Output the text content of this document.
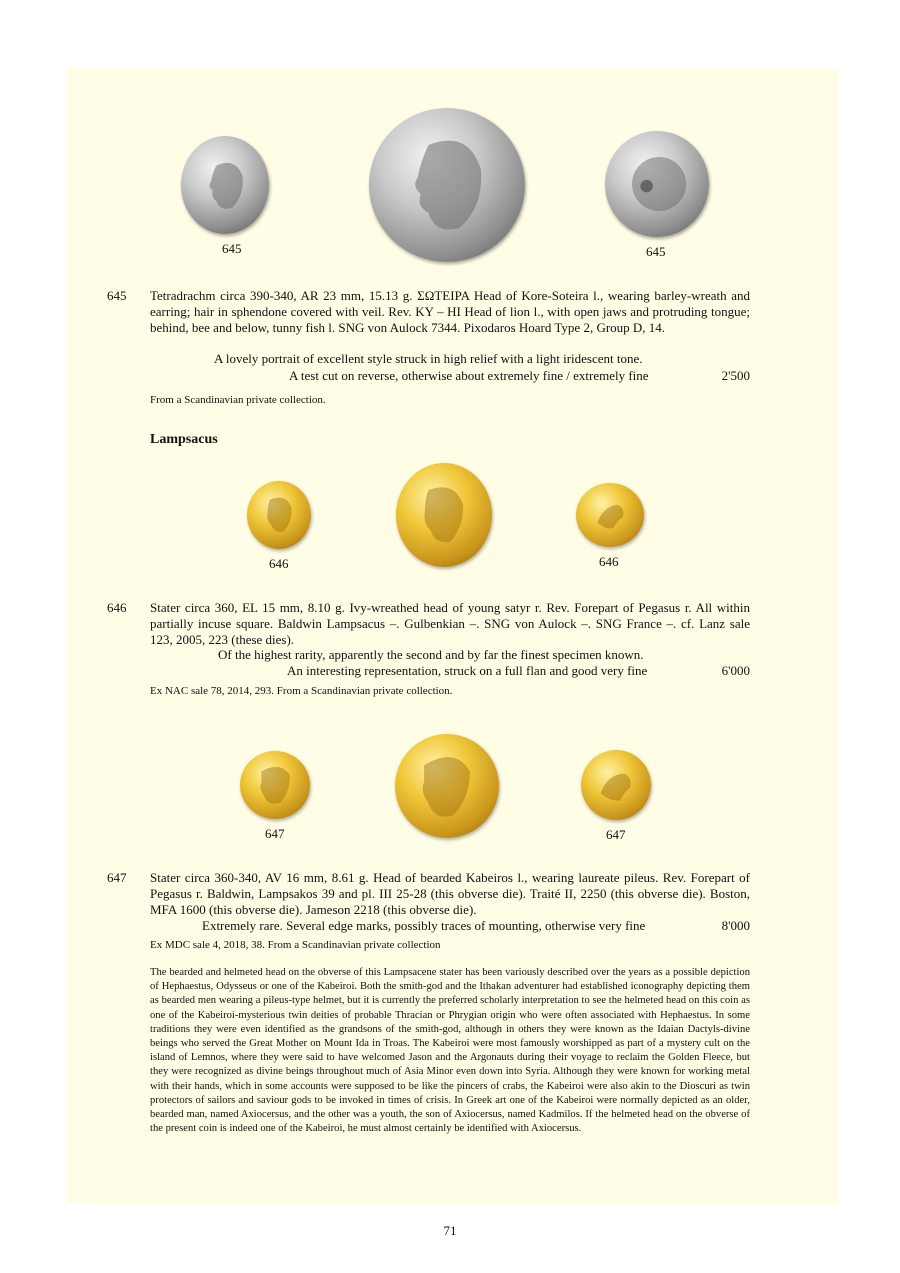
645	645
645 Tetradrachm circa 390-340, AR 23 mm, 15.13 g. ΣΩΤΕΙΡΑ Head of Kore-Soteira l., wearing barley-wreath and earring; hair in sphendone covered with veil. Rev. ΚΥ – ΗΙ Head of lion l., with open jaws and protruding tongue; behind, bee and below, tunny fish l. SNG von Aulock 7344. Pixodaros Hoard Type 2, Group D, 14.
A lovely portrait of excellent style struck in high relief with a light iridescent tone.
A test cut on reverse, otherwise about extremely fine / extremely fine	2'500
From a Scandinavian private collection.
Lampsacus
646	646
646 Stater circa 360, EL 15 mm, 8.10 g. Ivy-wreathed head of young satyr r. Rev. Forepart of Pegasus r. All within partially incuse square. Baldwin Lampsacus –. Gulbenkian –. SNG von Aulock –. SNG France –. cf. Lanz sale 123, 2005, 223 (these dies).
Of the highest rarity, apparently the second and by far the finest specimen known.
An interesting representation, struck on a full flan and good very fine	6'000
Ex NAC sale 78, 2014, 293. From a Scandinavian private collection.
647	647
647 Stater circa 360-340, AV 16 mm, 8.61 g. Head of bearded Kabeiros l., wearing laureate pileus. Rev. Forepart of Pegasus r. Baldwin, Lampsakos 39 and pl. III 25-28 (this obverse die). Traité II, 2250 (this obverse die). Boston, MFA 1600 (this obverse die). Jameson 2218 (this obverse die).
Extremely rare. Several edge marks, possibly traces of mounting, otherwise very fine	8'000
Ex MDC sale 4, 2018, 38. From a Scandinavian private collection
The bearded and helmeted head on the obverse of this Lampsacene stater has been variously described over the years as a possible depiction of Hephaestus, Odysseus or one of the Kabeiroi. Both the smith-god and the Ithakan adventurer had established iconography depicting them as bearded men wearing a pileus-type helmet, but it is currently the preferred scholarly interpretation to see the helmeted head on this coin as one of the Kabeiroi-mysterious twin deities of probable Thracian or Phrygian origin who were often associated with Hephaestus. In some traditions they were even identified as the grandsons of the smith-god, although in others they were known as the Idaian Dactyls-divine beings who served the Great Mother on Mount Ida in Troas. The Kabeiroi were most famously worshipped as part of a mystery cult on the island of Lemnos, where they were said to have welcomed Jason and the Argonauts during their voyage to reclaim the Golden Fleece, but they were recognized as divine beings throughout much of Asia Minor even down into Syria. Although they were known for working metal with their hands, which in some accounts were supposed to be like the pincers of crabs, the Kabeiroi were also akin to the Dioscuri as twin protectors of sailors and saviour gods to be invoked in times of crisis. In Greek art one of the Kabeiroi were normally depicted as an older, bearded man, named Axiocersus, and the other was a youth, the son of Axiocersus, named Kadmilos. If the helmeted head on the obverse of the present coin is indeed one of the Kabeiroi, he must almost certainly be identified with Axiocersus.
71
